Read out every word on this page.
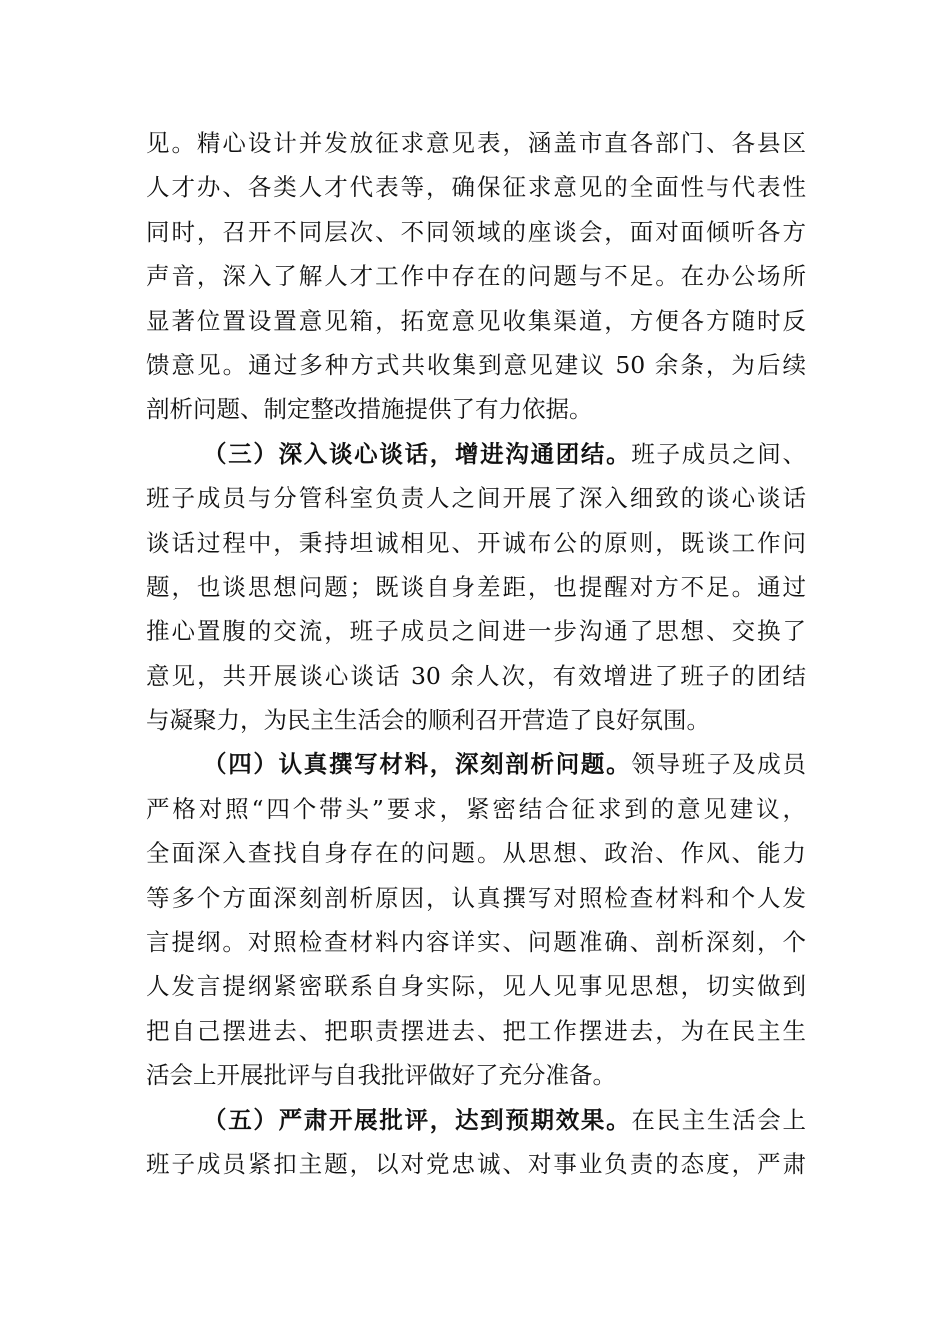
见。精心设计并发放征求意见表，涵盖市直各部门、各县区
人才办、各类人才代表等，确保征求意见的全面性与代表性
同时，召开不同层次、不同领域的座谈会，面对面倾听各方
声音，深入了解人才工作中存在的问题与不足。在办公场所
显著位置设置意见箱，拓宽意见收集渠道，方便各方随时反
馈意见。通过多种方式共收集到意见建议 50 余条，为后续
剖析问题、制定整改措施提供了有力依据。
（三）深入谈心谈话，增进沟通团结。班子成员之间、
班子成员与分管科室负责人之间开展了深入细致的谈心谈话
谈话过程中，秉持坦诚相见、开诚布公的原则，既谈工作问
题，也谈思想问题；既谈自身差距，也提醒对方不足。通过
推心置腹的交流，班子成员之间进一步沟通了思想、交换了
意见，共开展谈心谈话 30 余人次，有效增进了班子的团结
与凝聚力，为民主生活会的顺利召开营造了良好氛围。
（四）认真撰写材料，深刻剖析问题。领导班子及成员
严格对照“四个带头”要求，紧密结合征求到的意见建议，
全面深入查找自身存在的问题。从思想、政治、作风、能力
等多个方面深刻剖析原因，认真撰写对照检查材料和个人发
言提纲。对照检查材料内容详实、问题准确、剖析深刻，个
人发言提纲紧密联系自身实际，见人见事见思想，切实做到
把自己摆进去、把职责摆进去、把工作摆进去，为在民主生
活会上开展批评与自我批评做好了充分准备。
（五）严肃开展批评，达到预期效果。在民主生活会上
班子成员紧扣主题，以对党忠诚、对事业负责的态度，严肃
